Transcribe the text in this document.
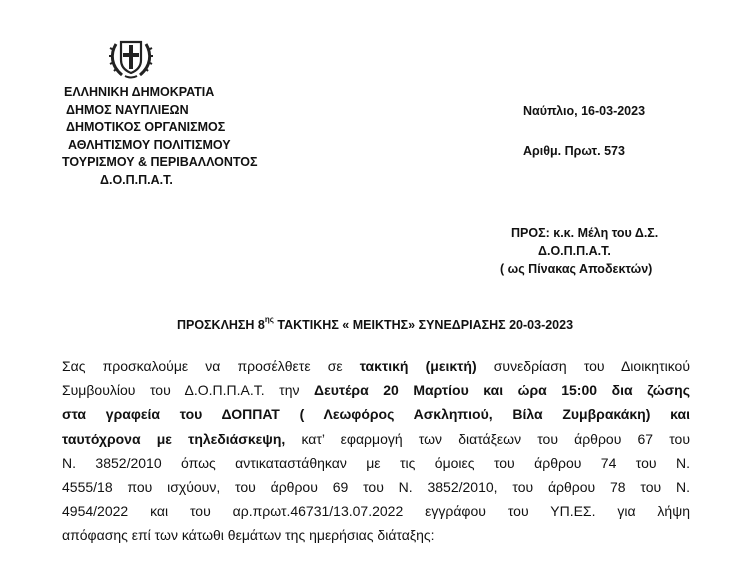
ΕΛΛΗΝΙΚΗ ΔΗΜΟΚΡΑΤΙΑ
ΔΗΜΟΣ ΝΑΥΠΛΙΕΩΝ
ΔΗΜΟΤΙΚΟΣ ΟΡΓΑΝΙΣΜΟΣ
ΑΘΛΗΤΙΣΜΟΥ ΠΟΛΙΤΙΣΜΟΥ
ΤΟΥΡΙΣΜΟΥ & ΠΕΡΙΒΑΛΛΟΝΤΟΣ
Δ.Ο.Π.Π.Α.Τ.
Ναύπλιο, 16-03-2023
Αριθμ. Πρωτ. 573
ΠΡΟΣ: κ.κ. Μέλη του Δ.Σ.
Δ.Ο.Π.Π.Α.Τ.
( ως Πίνακας Αποδεκτών)
ΠΡΟΣΚΛΗΣΗ $8^{\eta\varsigma}$ ΤΑΚΤΙΚΗΣ « ΜΕΙΚΤΗΣ» ΣΥΝΕΔΡΙΑΣΗΣ 20-03-2023
Σας προσκαλούμε να προσέλθετε σε τακτική (μεικτή) συνεδρίαση του Διοικητικού
Συμβουλίου του Δ.Ο.Π.Π.Α.Τ. την Δευτέρα 20 Μαρτίου και ώρα 15:00 δια ζώσης
στα γραφεία του ΔΟΠΠΑΤ ( Λεωφόρος Ασκληπιού, Βίλα Ζυμβρακάκη) και
ταυτόχρονα με τηλεδιάσκεψη, κατ’ εφαρμογή των διατάξεων του άρθρου 67 του
Ν. 3852/2010 όπως αντικαταστάθηκαν με τις όμοιες του άρθρου 74 του Ν.
4555/18 που ισχύουν, του άρθρου 69 του Ν. 3852/2010, του άρθρου 78 του Ν.
4954/2022 και του αρ.πρωτ.46731/13.07.2022 εγγράφου του ΥΠ.ΕΣ. για λήψη
απόφασης επί των κάτωθι θεμάτων της ημερήσιας διάταξης:
